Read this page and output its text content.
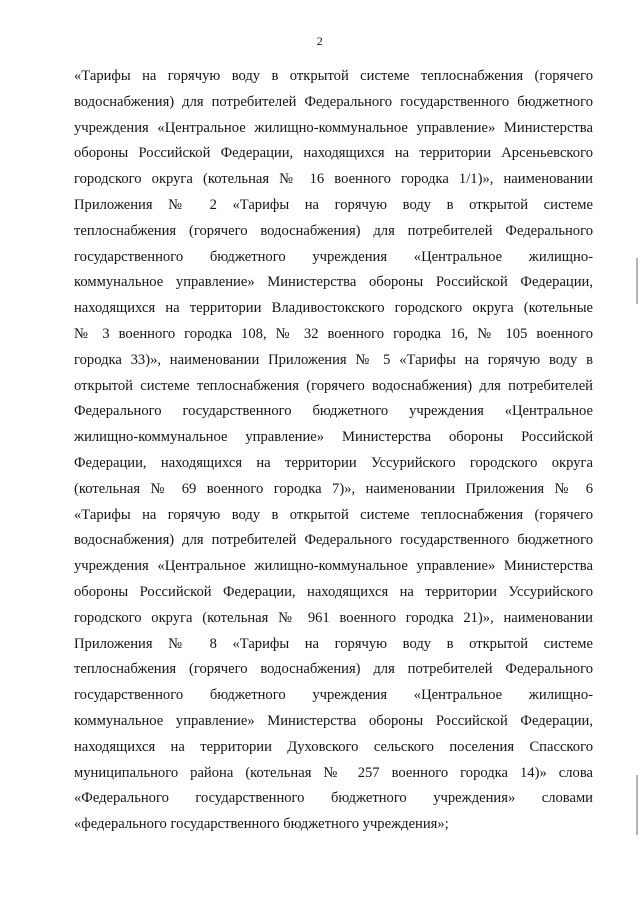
2
«Тарифы на горячую воду в открытой системе теплоснабжения (горячего
водоснабжения) для потребителей Федерального государственного бюджетного
учреждения «Центральное жилищно-коммунальное управление» Министерства
обороны Российской Федерации, находящихся на территории Арсеньевского
городского округа (котельная № 16 военного городка 1/1)», наименовании
Приложения № 2 «Тарифы на горячую воду в открытой системе
теплоснабжения (горячего водоснабжения) для потребителей Федерального
государственного бюджетного учреждения «Центральное жилищно-
коммунальное управление» Министерства обороны Российской Федерации,
находящихся на территории Владивостокского городского округа (котельные
№ 3 военного городка 108, № 32 военного городка 16, № 105 военного
городка 33)», наименовании Приложения № 5 «Тарифы на горячую воду в
открытой системе теплоснабжения (горячего водоснабжения) для потребителей
Федерального государственного бюджетного учреждения «Центральное
жилищно-коммунальное управление» Министерства обороны Российской
Федерации, находящихся на территории Уссурийского городского округа
(котельная № 69 военного городка 7)», наименовании Приложения № 6
«Тарифы на горячую воду в открытой системе теплоснабжения (горячего
водоснабжения) для потребителей Федерального государственного бюджетного
учреждения «Центральное жилищно-коммунальное управление» Министерства
обороны Российской Федерации, находящихся на территории Уссурийского
городского округа (котельная № 961 военного городка 21)», наименовании
Приложения № 8 «Тарифы на горячую воду в открытой системе
теплоснабжения (горячего водоснабжения) для потребителей Федерального
государственного бюджетного учреждения «Центральное жилищно-
коммунальное управление» Министерства обороны Российской Федерации,
находящихся на территории Духовского сельского поселения Спасского
муниципального района (котельная № 257 военного городка 14)» слова
«Федерального государственного бюджетного учреждения» словами
«федерального государственного бюджетного учреждения»;
